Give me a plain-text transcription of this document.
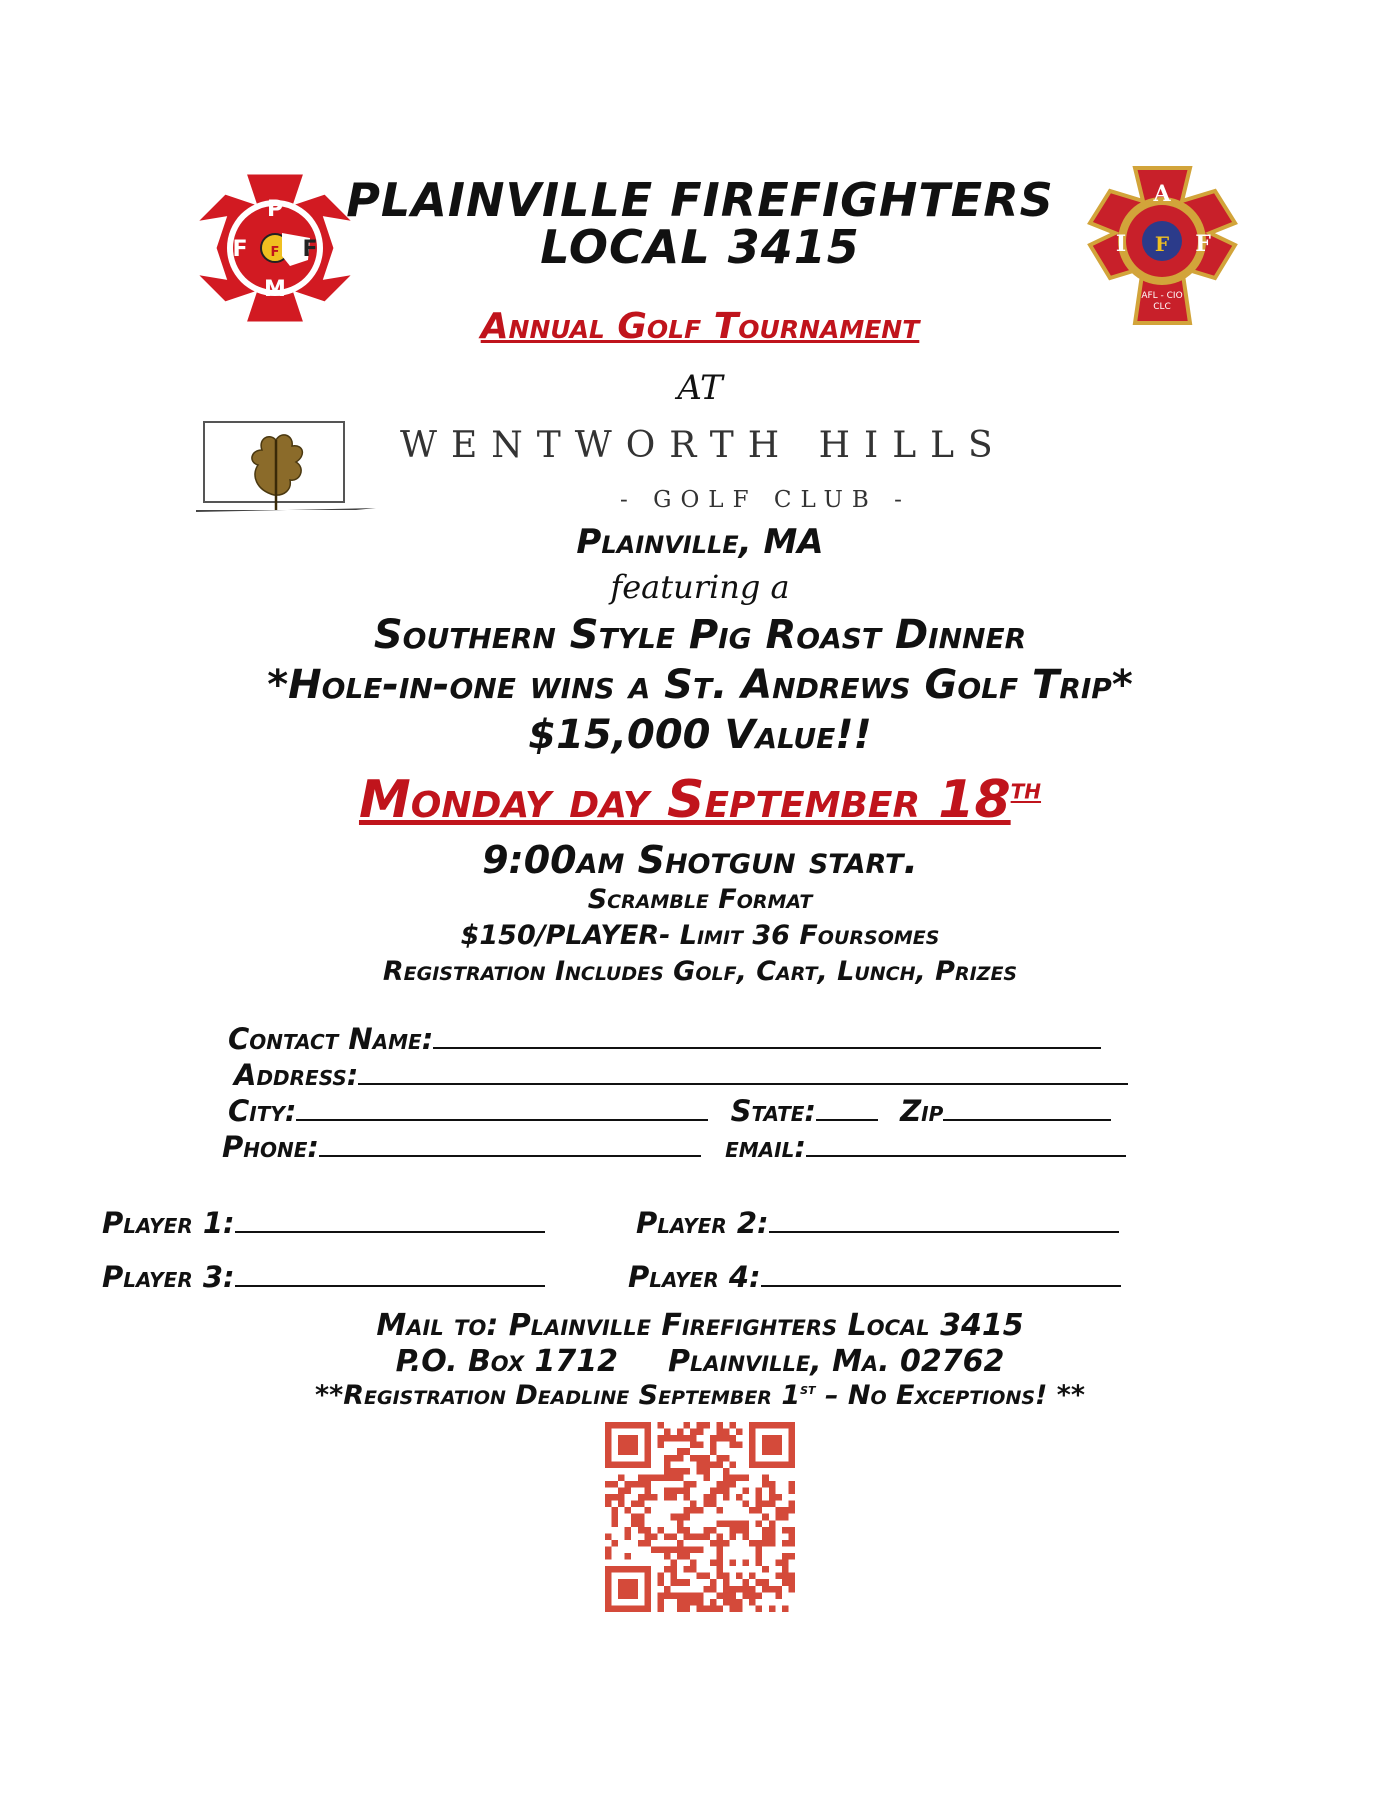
P
F F
F
M
A
I F F
AFL - CIO
CLC
PLAINVILLE FIREFIGHTERS
LOCAL 3415
Annual Golf Tournament
AT
WENTWORTH HILLS
- GOLF CLUB -
Plainville, MA
featuring a
Southern Style Pig Roast Dinner
*Hole-in-one wins a St. Andrews Golf Trip*
$15,000 Value!!
Monday day September 18th
9:00am Shotgun start.
Scramble Format
$150/PLAYER- Limit 36 Foursomes
Registration Includes Golf, Cart, Lunch, Prizes
Contact Name:
Address:
City:	State:	Zip
Phone:	email:
Player 1:	Player 2:
Player 3:	Player 4:
Mail to: Plainville Firefighters Local 3415
P.O. Box 1712 Plainville, Ma. 02762
**Registration Deadline September 1st – No Exceptions! **
